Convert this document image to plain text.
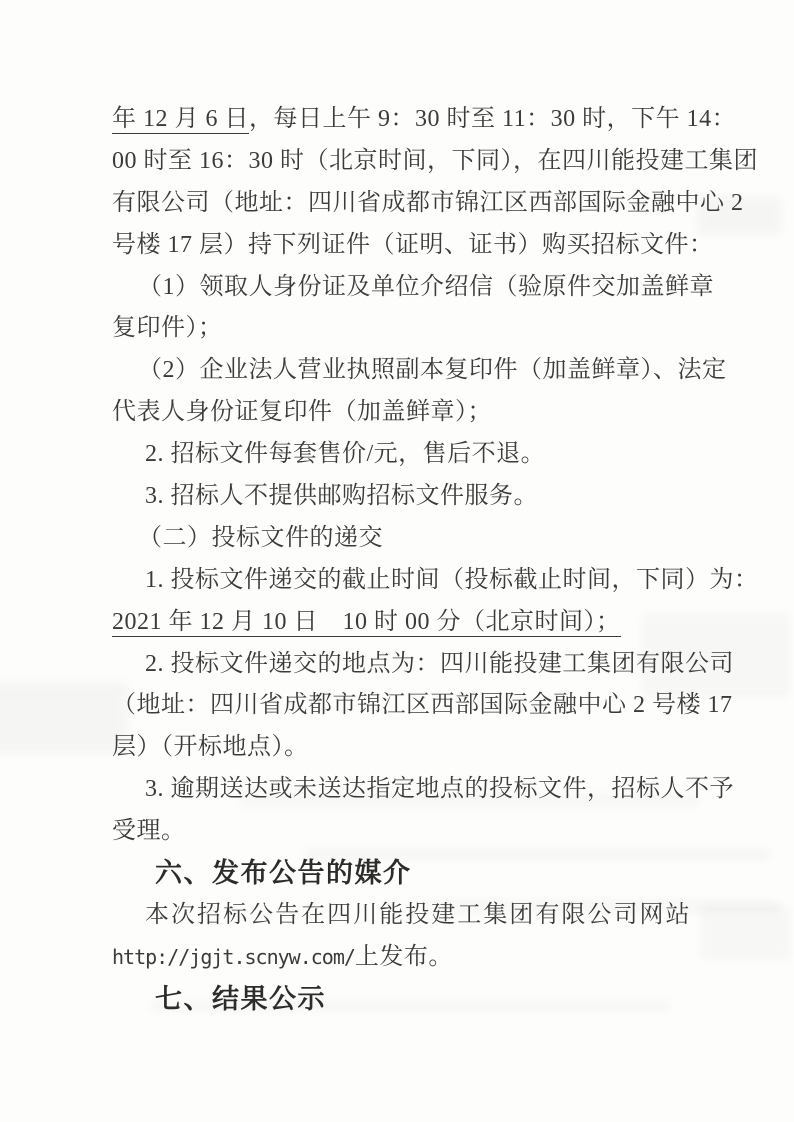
年 12 月 6 日，每日上午 9：30 时至 11：30 时，下午 14：
00 时至 16：30 时（北京时间，下同），在四川能投建工集团
有限公司（地址：四川省成都市锦江区西部国际金融中心 2
号楼 17 层）持下列证件（证明、证书）购买招标文件：
（1）领取人身份证及单位介绍信（验原件交加盖鲜章
复印件）；
（2）企业法人营业执照副本复印件（加盖鲜章）、法定
代表人身份证复印件（加盖鲜章）；
2. 招标文件每套售价/元，售后不退。
3. 招标人不提供邮购招标文件服务。
（二）投标文件的递交
1. 投标文件递交的截止时间（投标截止时间，下同）为：
2021 年 12 月 10 日　10 时 00 分（北京时间）；
2. 投标文件递交的地点为：四川能投建工集团有限公司
（地址：四川省成都市锦江区西部国际金融中心 2 号楼 17
层）（开标地点）。
3. 逾期送达或未送达指定地点的投标文件，招标人不予
受理。
六、发布公告的媒介
本次招标公告在四川能投建工集团有限公司网站
http://jgjt.scnyw.com/上发布。
七、结果公示
